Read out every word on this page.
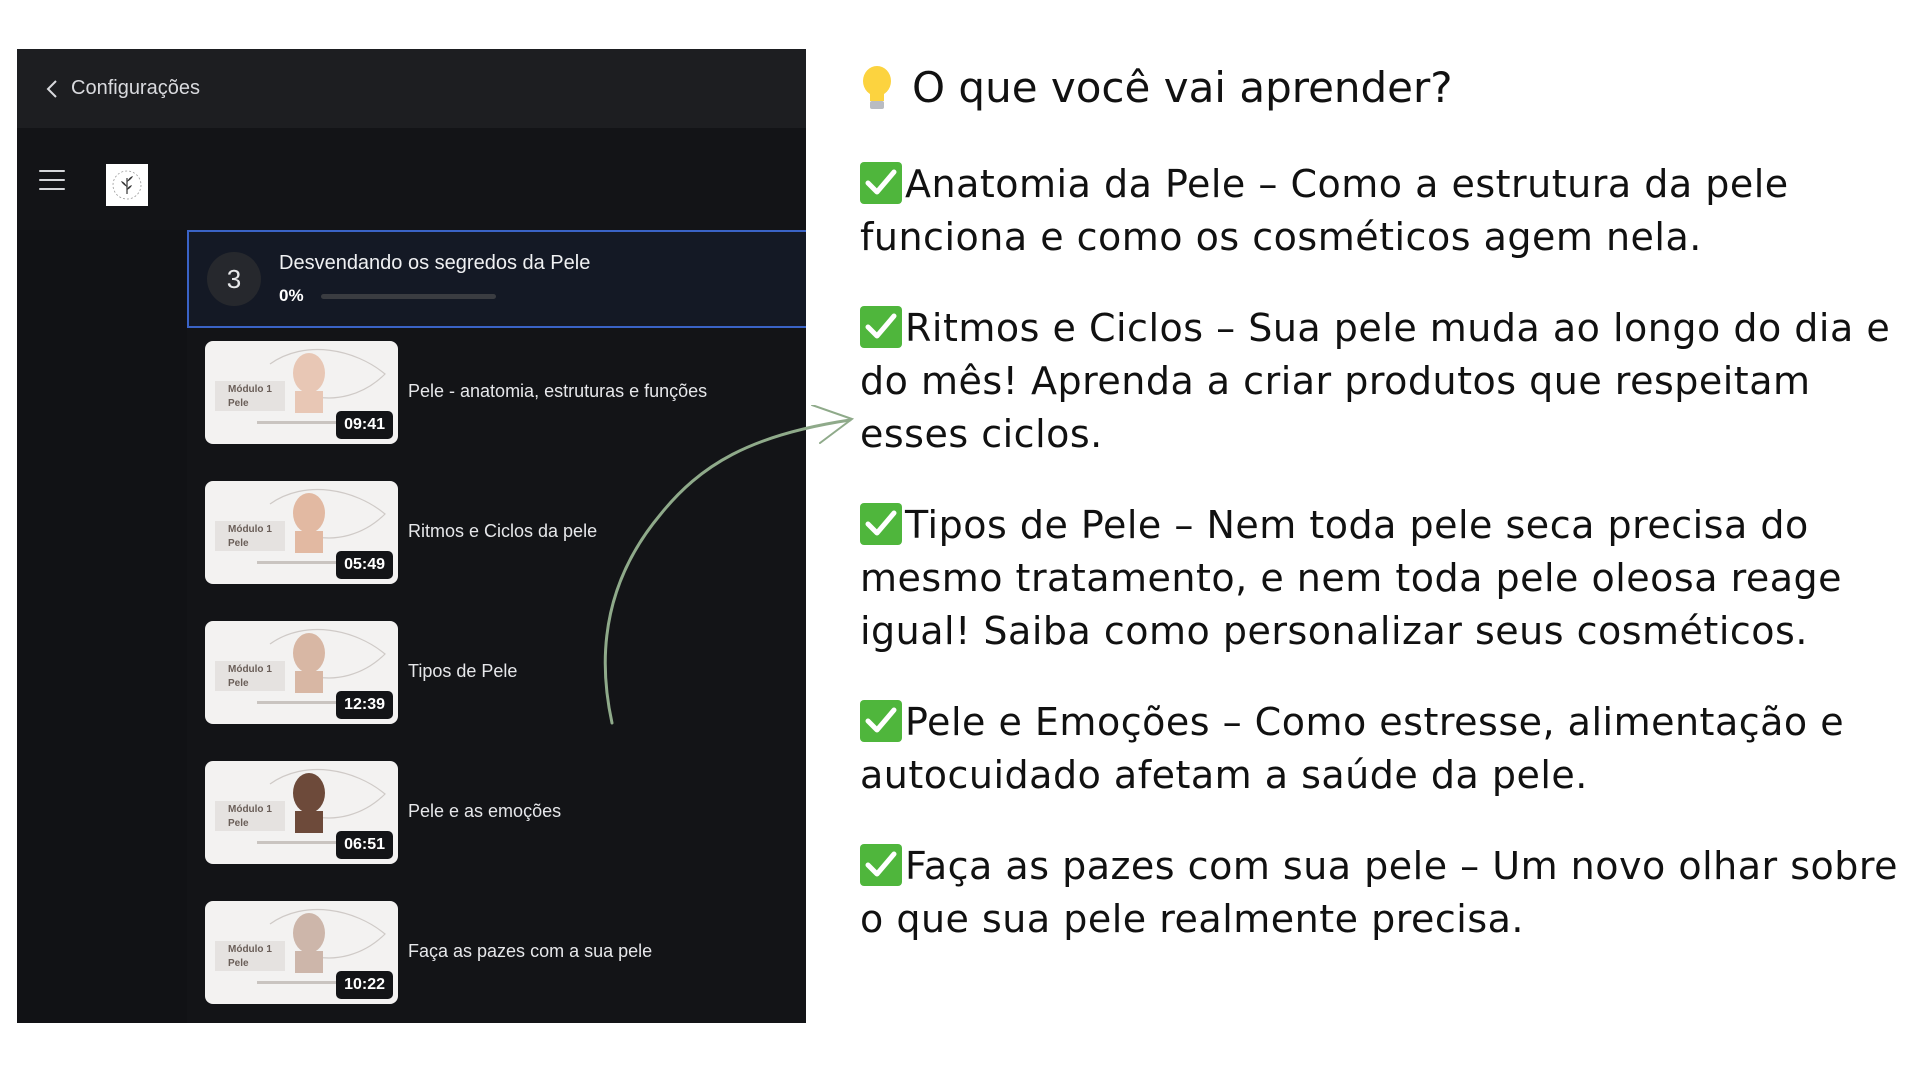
Configurações
3
Desvendando os segredos da Pele
0%
Módulo 1 Pele
09:41
Pele - anatomia, estruturas e funções
Módulo 1 Pele
05:49
Ritmos e Ciclos da pele
Módulo 1 Pele
12:39
Tipos de Pele
Módulo 1 Pele
06:51
Pele e as emoções
Módulo 1 Pele
10:22
Faça as pazes com a sua pele
O que você vai aprender?
Anatomia da Pele – Como a estrutura da pele funciona e como os cosméticos agem nela.
Ritmos e Ciclos – Sua pele muda ao longo do dia e do mês! Aprenda a criar produtos que respeitam esses ciclos.
Tipos de Pele – Nem toda pele seca precisa do mesmo tratamento, e nem toda pele oleosa reage igual! Saiba como personalizar seus cosméticos.
Pele e Emoções – Como estresse, alimentação e autocuidado afetam a saúde da pele.
Faça as pazes com sua pele – Um novo olhar sobre o que sua pele realmente precisa.
